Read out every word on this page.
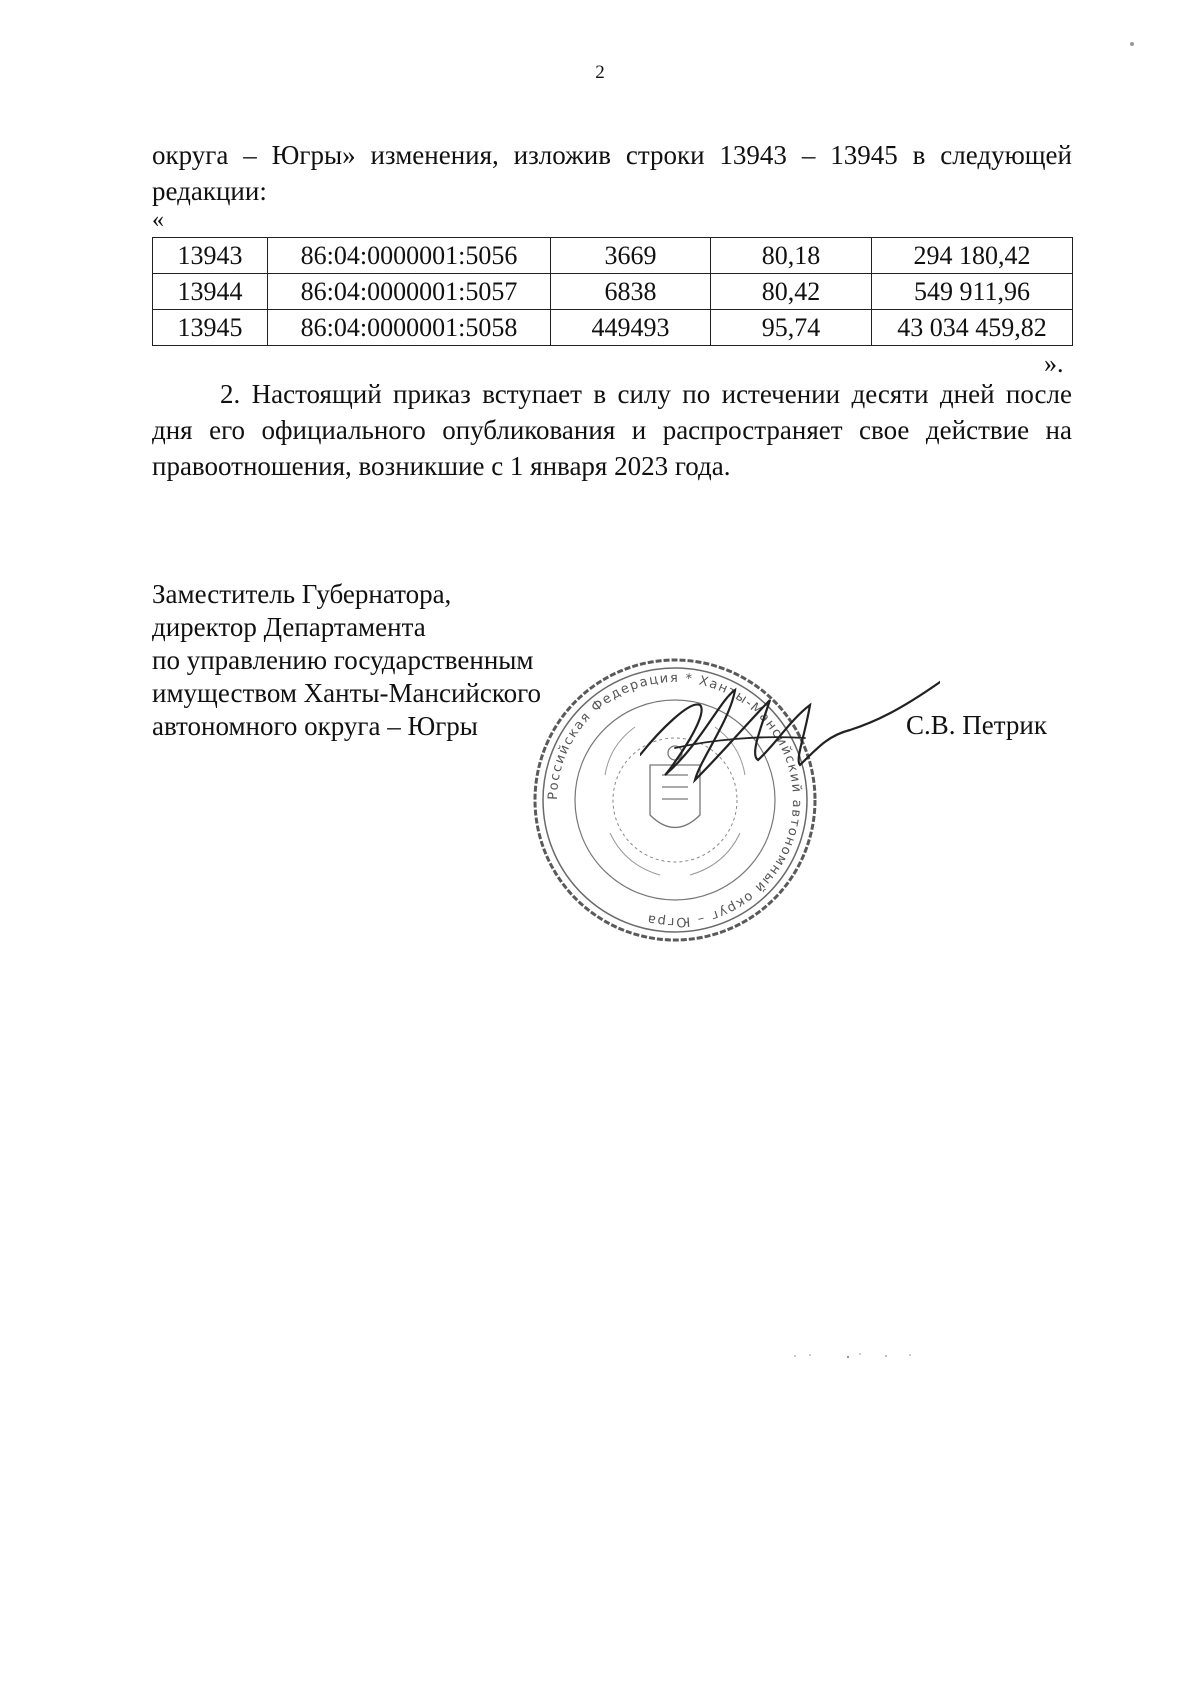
2
округа – Югры» изменения, изложив строки 13943 – 13945 в следующей
редакции:
«
13943	86:04:0000001:5056	3669	80,18	294 180,42
13944	86:04:0000001:5057	6838	80,42	549 911,96
13945	86:04:0000001:5058	449493	95,74	43 034 459,82
».
2. Настоящий приказ вступает в силу по истечении десяти дней после дня его официального опубликования и распространяет свое действие на правоотношения, возникшие с 1 января 2023 года.
Заместитель Губернатора,
директор Департамента
по управлению государственным
имуществом Ханты-Мансийского
автономного округа – Югры	С.В. Петрик
Российская Федерация * Ханты-Мансийский автономный округ – Югра
